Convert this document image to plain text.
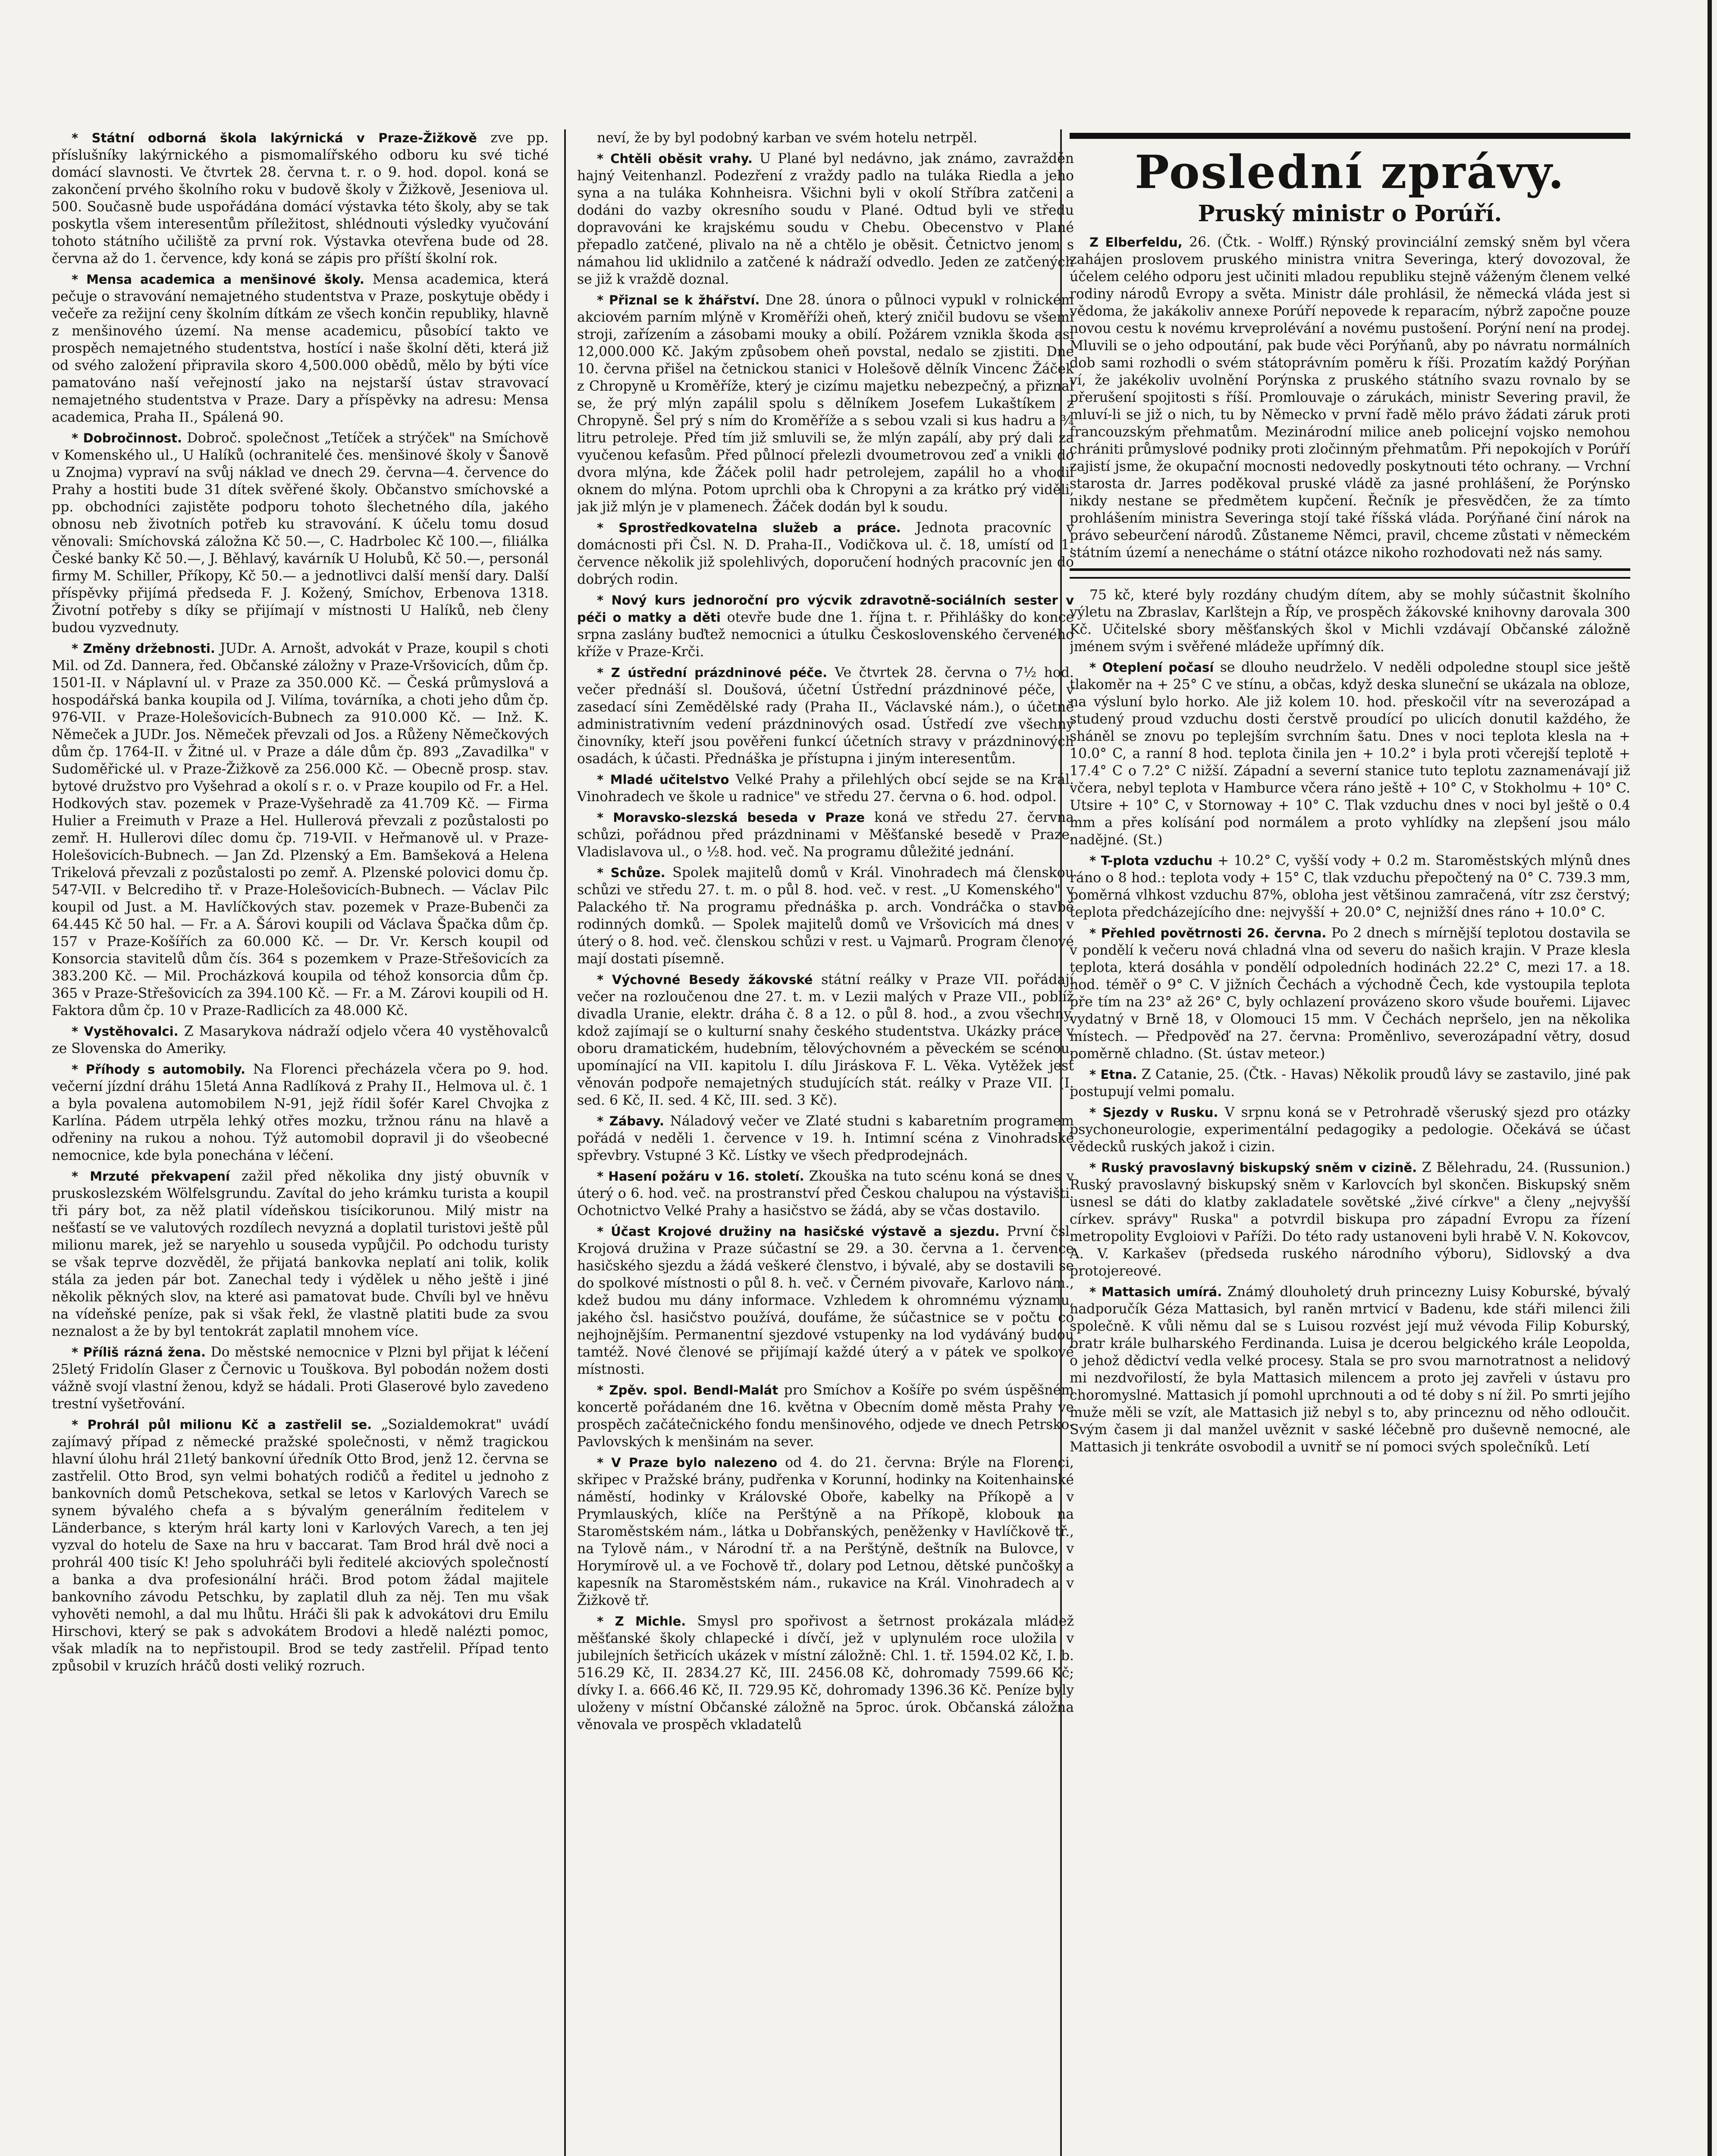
* Státní odborná škola lakýrnická v Praze-Žižkově zve pp. příslušníky lakýrnického a pismomalířského odboru ku své tiché domácí slavnosti. Ve čtvrtek 28. června t. r. o 9. hod. dopol. koná se zakončení prvého školního roku v budově školy v Žižkově, Jeseniova ul. 500. Současně bude uspořádána domácí výstavka této školy, aby se tak poskytla všem interesentům příležitost, shlédnouti výsledky vyučování tohoto státního učiliště za první rok. Výstavka otevřena bude od 28. června až do 1. července, kdy koná se zápis pro příští školní rok.

* Mensa academica a menšinové školy. Mensa academica, která pečuje o stravování nemajetného studentstva v Praze, poskytuje obědy i večeře za režijní ceny školním dítkám ze všech končin republiky, hlavně z menšinového území. Na mense academicu, působící takto ve prospěch nemajetného studentstva, hostící i naše školní děti, která již od svého založení připravila skoro 4,500.000 obědů, mělo by býti více pamatováno naší veřejností jako na nejstarší ústav stravovací nemajetného studentstva v Praze. Dary a příspěvky na adresu: Mensa academica, Praha II., Spálená 90.

* Dobročinnost. Dobroč. společnost „Tetíček a strýček" na Smíchově v Komenského ul., U Halíků (ochranitelé čes. menšinové školy v Šanově u Znojma) vypraví na svůj náklad ve dnech 29. června—4. července do Prahy a hostiti bude 31 dítek svěřené školy. Občanstvo smíchovské a pp. obchodníci zajistěte podporu tohoto šlechetného díla, jakého obnosu neb životních potřeb ku stravování. K účelu tomu dosud věnovali: Smíchovská záložna Kč 50.—, C. Hadrbolec Kč 100.—, filiálka České banky Kč 50.—, J. Běhlavý, kavárník U Holubů, Kč 50.—, personál firmy M. Schiller, Příkopy, Kč 50.— a jednotlivci další menší dary. Další příspěvky přijímá předseda F. J. Kožený, Smíchov, Erbenova 1318. Životní potřeby s díky se přijímají v místnosti U Halíků, neb členy budou vyzvednuty.

* Změny držebnosti. JUDr. A. Arnošt, advokát v Praze, koupil s choti Mil. od Zd. Dannera, řed. Občanské záložny v Praze-Vršovicích, dům čp. 1501-II. v Náplavní ul. v Praze za 350.000 Kč. — Česká průmyslová a hospodářská banka koupila od J. Vilíma, továrníka, a choti jeho dům čp. 976-VII. v Praze-Holešovicích-Bubnech za 910.000 Kč. — Inž. K. Němeček a JUDr. Jos. Němeček převzali od Jos. a Růženy Němečkových dům čp. 1764-II. v Žitné ul. v Praze a dále dům čp. 893 „Zavadilka" v Sudoměřické ul. v Praze-Žižkově za 256.000 Kč. — Obecně prosp. stav. bytové družstvo pro Vyšehrad a okolí s r. o. v Praze koupilo od Fr. a Hel. Hodkových stav. pozemek v Praze-Vyšehradě za 41.709 Kč. — Firma Hulier a Freimuth v Praze a Hel. Hullerová převzali z pozůstalosti po zemř. H. Hullerovi dílec domu čp. 719-VII. v Heřmanově ul. v Praze-Holešovicích-Bubnech. — Jan Zd. Plzenský a Em. Bamšeková a Helena Trikelová převzali z pozůstalosti po zemř. A. Plzenské polovici domu čp. 547-VII. v Belcrediho tř. v Praze-Holešovicích-Bubnech. — Václav Pilc koupil od Just. a M. Havlíčkových stav. pozemek v Praze-Bubenči za 64.445 Kč 50 hal. — Fr. a A. Šárovi koupili od Václava Špačka dům čp. 157 v Praze-Košířích za 60.000 Kč. — Dr. Vr. Kersch koupil od Konsorcia stavitelů dům čís. 364 s pozemkem v Praze-Střešovicích za 383.200 Kč. — Mil. Procházková koupila od téhož konsorcia dům čp. 365 v Praze-Střešovicích za 394.100 Kč. — Fr. a M. Zárovi koupili od H. Faktora dům čp. 10 v Praze-Radlicích za 48.000 Kč.

* Vystěhovalci. Z Masarykova nádraží odjelo včera 40 vystěhovalců ze Slovenska do Ameriky.

* Příhody s automobily. Na Florenci přecházela včera po 9. hod. večerní jízdní dráhu 15letá Anna Radlíková z Prahy II., Helmova ul. č. 1 a byla povalena automobilem N-91, jejž řídil šofér Karel Chvojka z Karlína. Pádem utrpěla lehký otřes mozku, tržnou ránu na hlavě a odřeniny na rukou a nohou. Týž automobil dopravil ji do všeobecné nemocnice, kde byla ponechána v léčení.

* Mrzuté překvapení zažil před několika dny jistý obuvník v pruskoslezském Wölfelsgrundu. Zavítal do jeho krámku turista a koupil tři páry bot, za něž platil vídeňskou tisícikorunou. Milý mistr na nešťastí se ve valutových rozdílech nevyzná a doplatil turistovi ještě půl milionu marek, jež se naryehlo u souseda vypůjčil. Po odchodu turisty se však teprve dozvěděl, že přijatá bankovka neplatí ani tolik, kolik stála za jeden pár bot. Zanechal tedy i výdělek u něho ještě i jiné několik pěkných slov, na které asi pamatovat bude. Chvíli byl ve hněvu na vídeňské peníze, pak si však řekl, že vlastně platiti bude za svou neznalost a že by byl tentokrát zaplatil mnohem více.

* Příliš rázná žena. Do městské nemocnice v Plzni byl přijat k léčení 25letý Fridolín Glaser z Černovic u Touškova. Byl pobodán nožem dosti vážně svojí vlastní ženou, když se hádali. Proti Glaserové bylo zavedeno trestní vyšetřování.

* Prohrál půl milionu Kč a zastřelil se. „Sozialdemokrat" uvádí zajímavý případ z německé pražské společnosti, v němž tragickou hlavní úlohu hrál 21letý bankovní úředník Otto Brod, jenž 12. června se zastřelil. Otto Brod, syn velmi bohatých rodičů a ředitel u jednoho z bankovních domů Petschekova, setkal se letos v Karlových Varech se synem bývalého chefa a s bývalým generálním ředitelem v Länderbance, s kterým hrál karty loni v Karlových Varech, a ten jej vyzval do hotelu de Saxe na hru v baccarat. Tam Brod hrál dvě noci a prohrál 400 tisíc K! Jeho spoluhráči byli ředitelé akciových společností a banka a dva profesionální hráči. Brod potom žádal majitele bankovního závodu Petschku, by zaplatil dluh za něj. Ten mu však vyhověti nemohl, a dal mu lhůtu. Hráči šli pak k advokátovi dru Emilu Hirschovi, který se pak s advokátem Brodovi a hledě nalézti pomoc, však mladík na to nepřistoupil. Brod se tedy zastřelil. Případ tento způsobil v kruzích hráčů dosti veliký rozruch.

neví, že by byl podobný karban ve svém hotelu netrpěl.

* Chtěli oběsit vrahy. U Plané byl nedávno, jak známo, zavražděn hajný Veitenhanzl. Podezření z vraždy padlo na tuláka Riedla a jeho syna a na tuláka Kohnheisra. Všichni byli v okolí Stříbra zatčeni a dodáni do vazby okresního soudu v Plané. Odtud byli ve středu dopravováni ke krajskému soudu v Chebu. Obecenstvo v Plané přepadlo zatčené, plivalo na ně a chtělo je oběsit. Četnictvo jenom s námahou lid uklidnilo a zatčené k nádraží odvedlo. Jeden ze zatčených se již k vraždě doznal.

* Přiznal se k žhářství. Dne 28. února o půlnoci vypukl v rolnickém akciovém parním mlýně v Kroměříži oheň, který zničil budovu se všemi stroji, zařízením a zásobami mouky a obilí. Požárem vznikla škoda asi 12,000.000 Kč. Jakým způsobem oheň povstal, nedalo se zjistiti. Dne 10. června přišel na četnickou stanici v Holešově dělník Vincenc Žáček z Chropyně u Kroměříže, který je cizímu majetku nebezpečný, a přiznal se, že prý mlýn zapálil spolu s dělníkem Josefem Lukaštíkem z Chropyně. Šel prý s ním do Kroměříže a s sebou vzali si kus hadru a ¾ litru petroleje. Před tím již smluvili se, že mlýn zapálí, aby prý dali za vyučenou kefasům. Před půlnocí přelezli dvoumetrovou zeď a vnikli do dvora mlýna, kde Žáček polil hadr petrolejem, zapálil ho a vhodil oknem do mlýna. Potom uprchli oba k Chropyni a za krátko prý viděli, jak již mlýn je v plamenech. Žáček dodán byl k soudu.

* Sprostředkovatelna služeb a práce. Jednota pracovníc v domácnosti při Čsl. N. D. Praha-II., Vodičkova ul. č. 18, umístí od 1. července několik již spolehlivých, doporučení hodných pracovníc jen do dobrých rodin.

* Nový kurs jednoroční pro výcvik zdravotně-sociálních sester v péči o matky a děti otevře bude dne 1. října t. r. Přihlášky do konce srpna zaslány buďtež nemocnici a útulku Československého červeného kříže v Praze-Krči.

* Z ústřední prázdninové péče. Ve čtvrtek 28. června o 7½ hod. večer přednáší sl. Doušová, účetní Ústřední prázdninové péče, v zasedací síni Zemědělské rady (Praha II., Václavské nám.), o účetně administrativním vedení prázdninových osad. Ústředí zve všechny činovníky, kteří jsou pověřeni funkcí účetních stravy v prázdninových osadách, k účasti. Přednáška je přístupna i jiným interesentům.

* Mladé učitelstvo Velké Prahy a přilehlých obcí sejde se na Král. Vinohradech ve škole u radnice" ve středu 27. června o 6. hod. odpol.

* Moravsko-slezská beseda v Praze koná ve středu 27. června schůzi, pořádnou před prázdninami v Měšťanské besedě v Praze, Vladislavova ul., o ½8. hod. več. Na programu důležité jednání.

* Schůze. Spolek majitelů domů v Král. Vinohradech má členskou schůzi ve středu 27. t. m. o půl 8. hod. več. v rest. „U Komenského" v Palackého tř. Na programu přednáška p. arch. Vondráčka o stavbě rodinných domků. — Spolek majitelů domů ve Vršovicích má dnes v úterý o 8. hod. več. členskou schůzi v rest. u Vajmarů. Program členové mají dostati písemně.

* Výchovné Besedy žákovské státní reálky v Praze VII. pořádají večer na rozloučenou dne 27. t. m. v Lezii malých v Praze VII., poblíž divadla Uranie, elektr. dráha č. 8 a 12. o půl 8. hod., a zvou všechny, kdož zajímají se o kulturní snahy českého studentstva. Ukázky práce v oboru dramatickém, hudebním, tělovýchovném a pěveckém se scénou, upomínající na VII. kapitolu I. dílu Jiráskova F. L. Věka. Vytěžek jest věnován podpoře nemajetných studujících stát. reálky v Praze VII. (I. sed. 6 Kč, II. sed. 4 Kč, III. sed. 3 Kč).

* Zábavy. Náladový večer ve Zlaté studni s kabaretním programem pořádá v neděli 1. července v 19. h. Intimní scéna z Vinohradské spřevbry. Vstupné 3 Kč. Lístky ve všech předprodejnách.

* Hasení požáru v 16. století. Zkouška na tuto scénu koná se dnes v úterý o 6. hod. več. na prostranství před Českou chalupou na výstavišti. Ochotnictvo Velké Prahy a hasičstvo se žádá, aby se včas dostavilo.

* Účast Krojové družiny na hasičské výstavě a sjezdu. První čsl. Krojová družina v Praze súčastní se 29. a 30. června a 1. července hasičského sjezdu a žádá veškeré členstvo, i bývalé, aby se dostavili se do spolkové místnosti o půl 8. h. več. v Černém pivovaře, Karlovo nám., kdež budou mu dány informace. Vzhledem k ohromnému významu, jakého čsl. hasičstvo používá, doufáme, že súčastnice se v počtu co nejhojnějším. Permanentní sjezdové vstupenky na lod vydáváný budou tamtéž. Nové členové se přijímají každé úterý a v pátek ve spolkové místnosti.

* Zpěv. spol. Bendl-Malát pro Smíchov a Košíře po svém úspěšném koncertě pořádaném dne 16. května v Obecním domě města Prahy ve prospěch začátečnického fondu menšinového, odjede ve dnech Petrsko-Pavlovských k menšinám na sever.

* V Praze bylo nalezeno od 4. do 21. června: Brýle na Florenci, skřipec v Pražské brány, pudřenka v Korunní, hodinky na Koitenhainské náměstí, hodinky v Královské Oboře, kabelky na Příkopě a v Prymlauských, klíče na Perštýně a na Příkopě, klobouk na Staroměstském nám., látka u Dobřanských, peněženky v Havlíčkově tř., na Tylově nám., v Národní tř. a na Perštýně, deštník na Bulovce, v Horymírově ul. a ve Fochově tř., dolary pod Letnou, dětské punčošky a kapesník na Staroměstském nám., rukavice na Král. Vinohradech a v Žižkově tř.

* Z Michle. Smysl pro spořivost a šetrnost prokázala mládež měšťanské školy chlapecké i dívčí, jež v uplynulém roce uložila v jubilejních šetřicích ukázek v místní záložně: Chl. 1. tř. 1594.02 Kč, I. b. 516.29 Kč, II. 2834.27 Kč, III. 2456.08 Kč, dohromady 7599.66 Kč; dívky I. a. 666.46 Kč, II. 729.95 Kč, dohromady 1396.36 Kč. Peníze byly uloženy v místní Občanské záložně na 5proc. úrok. Občanská záložna věnovala ve prospěch vkladatelů

Poslední zprávy.
Pruský ministr o Porúří.

Z Elberfeldu, 26. (Čtk. - Wolff.) Rýnský provinciální zemský sněm byl včera zahájen proslovem pruského ministra vnitra Severinga, který dovozoval, že účelem celého odporu jest učiniti mladou republiku stejně váženým členem velké rodiny národů Evropy a světa. Ministr dále prohlásil, že německá vláda jest si vědoma, že jakákoliv annexe Porúří nepovede k reparacím, nýbrž započne pouze novou cestu k novému krveprolévání a novému pustošení. Porýní není na prodej. Mluvili se o jeho odpoutání, pak bude věci Porýňanů, aby po návratu normálních dob sami rozhodli o svém státoprávním poměru k říši. Prozatím každý Porýňan ví, že jakékoliv uvolnění Porýnska z pruského státního svazu rovnalo by se přerušení spojitosti s říší. Promlouvaje o zárukách, ministr Severing pravil, že mluví-li se již o nich, tu by Německo v první řadě mělo právo žádati záruk proti francouzským přehmatům. Mezinárodní milice aneb policejní vojsko nemohou chrániti průmyslové podniky proti zločinným přehmatům. Při nepokojích v Porúří zajistí jsme, že okupační mocnosti nedovedly poskytnouti této ochrany. — Vrchní starosta dr. Jarres poděkoval pruské vládě za jasné prohlášení, že Porýnsko nikdy nestane se předmětem kupčení. Řečník je přesvědčen, že za tímto prohlášením ministra Severinga stojí také říšská vláda. Porýňané činí nárok na právo sebeurčení národů. Zůstaneme Němci, pravil, chceme zůstati v německém státním území a nenecháme o státní otázce nikoho rozhodovati než nás samy.

75 kč, které byly rozdány chudým dítem, aby se mohly súčastnit školního výletu na Zbraslav, Karlštejn a Říp, ve prospěch žákovské knihovny darovala 300 Kč. Učitelské sbory měšťanských škol v Michli vzdávají Občanské záložně jménem svým i svěřené mládeže upřímný dík.

* Oteplení počasí se dlouho neudrželo. V neděli odpoledne stoupl sice ještě tlakoměr na + 25° C ve stínu, a občas, když deska sluneční se ukázala na obloze, na výsluní bylo horko. Ale již kolem 10. hod. přeskočil vítr na severozápad a studený proud vzduchu dosti čerstvě proudící po ulicích donutil každého, že sháněl se znovu po teplejším svrchním šatu. Dnes v noci teplota klesla na + 10.0° C, a ranní 8 hod. teplota činila jen + 10.2° i byla proti včerejší teplotě + 17.4° C o 7.2° C nižší. Západní a severní stanice tuto teplotu zaznamenávají již včera, nebyl teplota v Hamburce včera ráno ještě + 10° C, v Stokholmu + 10° C. Utsire + 10° C, v Stornoway + 10° C. Tlak vzduchu dnes v noci byl ještě o 0.4 mm a přes kolísání pod normálem a proto vyhlídky na zlepšení jsou málo nadějné. (St.)

* T-plota vzduchu + 10.2° C, vyšší vody + 0.2 m. Staroměstských mlýnů dnes ráno o 8 hod.: teplota vody + 15° C, tlak vzduchu přepočtený na 0° C. 739.3 mm, poměrná vlhkost vzduchu 87%, obloha jest většinou zamračená, vítr zsz čerstvý; teplota předcházejícího dne: nejvyšší + 20.0° C, nejnižší dnes ráno + 10.0° C.

* Přehled povětrnosti 26. června. Po 2 dnech s mírnější teplotou dostavila se v pondělí k večeru nová chladná vlna od severu do našich krajin. V Praze klesla teplota, která dosáhla v pondělí odpoledních hodinách 22.2° C, mezi 17. a 18. hod. téměř o 9° C. V jižních Čechách a východně Čech, kde vystoupila teplota pře tím na 23° až 26° C, byly ochlazení provázeno skoro všude bouřemi. Lijavec vydatný v Brně 18, v Olomouci 15 mm. V Čechách nepršelo, jen na několika místech. — Předpověď na 27. června: Proměnlivo, severozápadní větry, dosud poměrně chladno. (St. ústav meteor.)

* Etna. Z Catanie, 25. (Čtk. - Havas) Několik proudů lávy se zastavilo, jiné pak postupují velmi pomalu.

* Sjezdy v Rusku. V srpnu koná se v Petrohradě všeruský sjezd pro otázky psychoneurologie, experimentální pedagogiky a pedologie. Očekává se účast vědecků ruských jakož i cizin.

* Ruský pravoslavný biskupský sněm v cizině. Z Bělehradu, 24. (Russunion.) Ruský pravoslavný biskupský sněm v Karlovcích byl skončen. Biskupský sněm usnesl se dáti do klatby zakladatele sovětské „živé církve" a členy „nejvyšší církev. správy" Ruska" a potvrdil biskupa pro západní Evropu za řízení metropolity Evgloiovi v Paříži. Do této rady ustanoveni byli hrabě V. N. Kokovcov, A. V. Karkašev (předseda ruského národního výboru), Sidlovský a dva protojereové.

* Mattasich umírá. Známý dlouholetý druh princezny Luisy Koburské, bývalý nadporučík Géza Mattasich, byl raněn mrtvicí v Badenu, kde stáři milenci žili společně. K vůli němu dal se s Luisou rozvést její muž vévoda Filip Koburský, bratr krále bulharského Ferdinanda. Luisa je dcerou belgického krále Leopolda, o jehož dědictví vedla velké procesy. Stala se pro svou marnotratnost a nelidový mi nezdvořilostí, že byla Mattasich milencem a proto jej zavřeli v ústavu pro choromyslné. Mattasich jí pomohl uprchnouti a od té doby s ní žil. Po smrti jejího muže měli se vzít, ale Mattasich již nebyl s to, aby princeznu od něho odloučit. Svým časem ji dal manžel uvěznit v saské léčebně pro duševně nemocné, ale Mattasich ji tenkráte osvobodil a uvnitř se ní pomoci svých společníků. Letí
